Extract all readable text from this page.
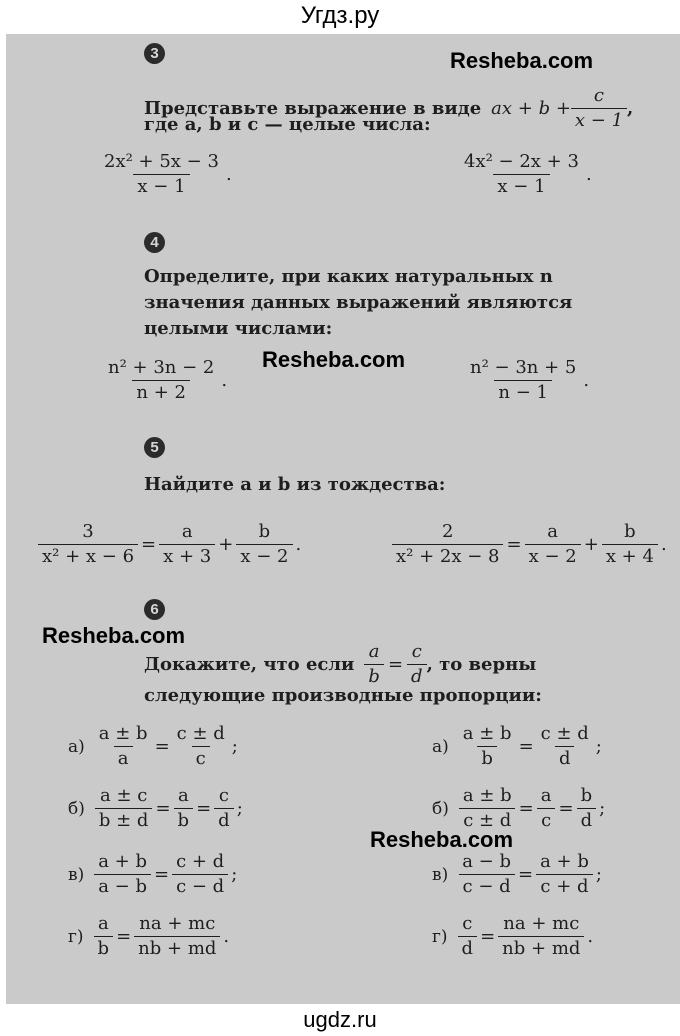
Угдз.ру
Resheba.com
Resheba.com
Resheba.com
Resheba.com
3
Представьте выражение в виде ax + $b + \frac{c}{x - 1}$ ,
где a, b и c — целые числа:
$\frac{\text{2x² + 5x − 3}}{x - 1}$ .	$\frac{\text{4x² − 2x + 3}}{x - 1}$ .
4
Определите, при каких натуральных n
значения данных выражений являются
целыми числами:
$\frac{\text{n² + 3n − 2}}{n + 2}$ .	$\frac{\text{n² − 3n + 5}}{n - 1}$ .
5
Найдите a и b из тождества:
$\frac{3}{\text{x² + x − 6}} = \frac{a}{x + 3} + \frac{b}{x - 2}$ .	$\frac{2}{\text{x² + 2x − 8}} = \frac{a}{x - 2} + \frac{b}{x + 4}$ .
6
Докажите, что если $\frac{a}{b} = \frac{c}{d}$ , то верны
следующие производные пропорции:
$а) \frac{a \pm b}{a} = \frac{c \pm d}{c}$ ;	$а) \frac{a \pm b}{b} = \frac{c \pm d}{d}$ ;
$б) \frac{a \pm c}{b \pm d} = \frac{a}{b} = \frac{c}{d}$ ;	$б) \frac{a \pm b}{c \pm d} = \frac{a}{c} = \frac{b}{d}$ ;
$в) \frac{a + b}{a - b} = \frac{c + d}{c - d}$ ;	$в) \frac{a - b}{c - d} = \frac{a + b}{c + d}$ ;
$г) \frac{a}{b} = \frac{na + mc}{nb + md}$ .	$г) \frac{c}{d} = \frac{na + mc}{nb + md}$ .
ugdz.ru
